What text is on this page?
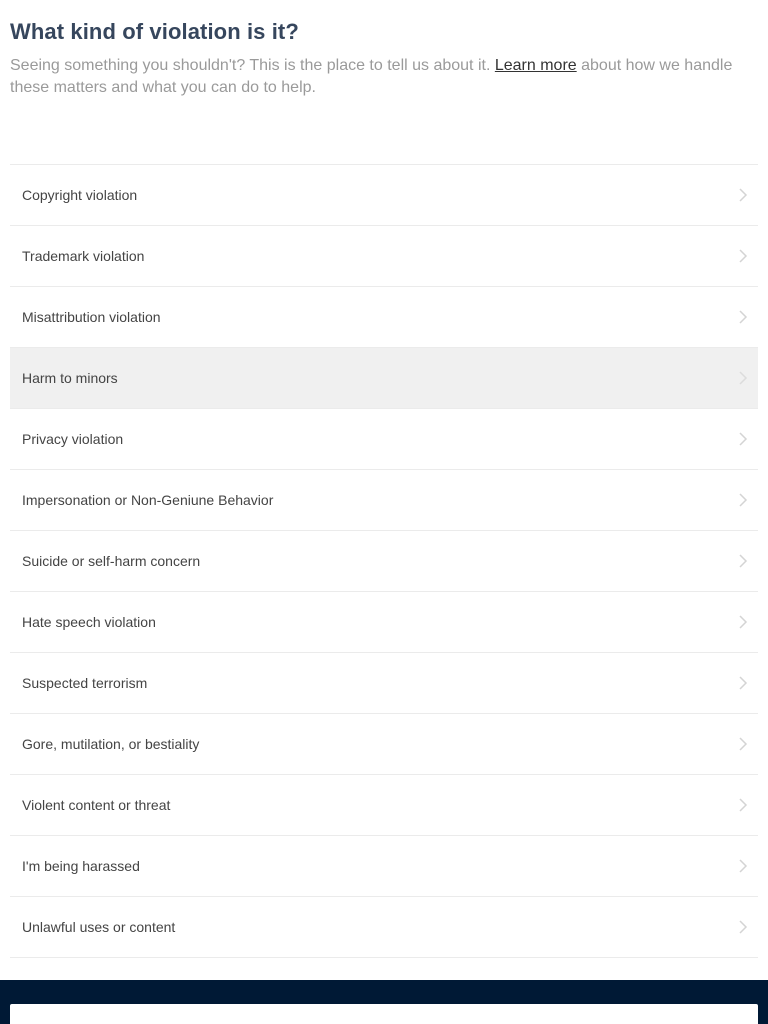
What kind of violation is it?

Seeing something you shouldn't? This is the place to tell us about it. Learn more about how we handle these matters and what you can do to help.

Copyright violation
Trademark violation
Misattribution violation
Harm to minors
Privacy violation
Impersonation or Non-Geniune Behavior
Suicide or self-harm concern
Hate speech violation
Suspected terrorism
Gore, mutilation, or bestiality
Violent content or threat
I'm being harassed
Unlawful uses or content
